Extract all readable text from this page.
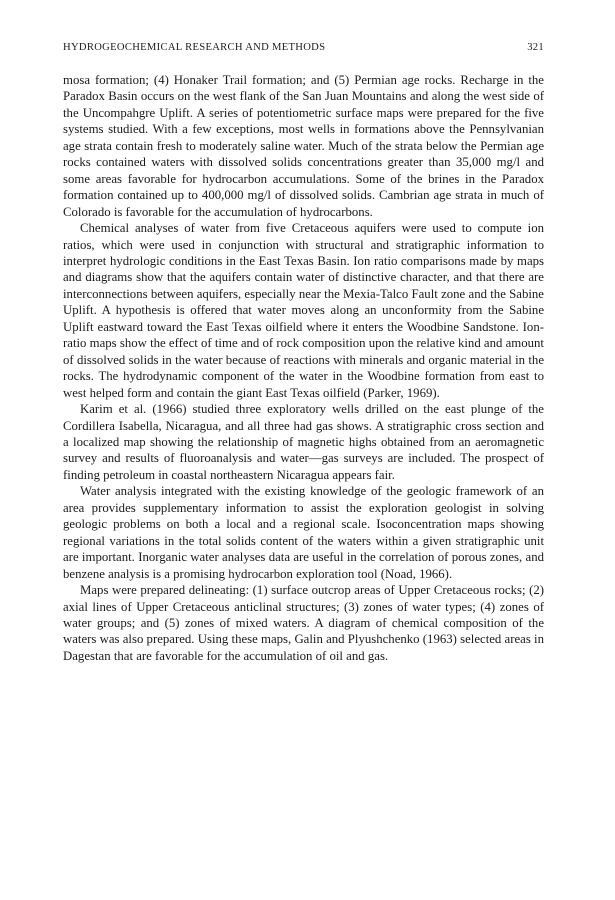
HYDROGEOCHEMICAL RESEARCH AND METHODS	321

mosa formation; (4) Honaker Trail formation; and (5) Permian age rocks. Recharge in the Paradox Basin occurs on the west flank of the San Juan Mountains and along the west side of the Uncompahgre Uplift. A series of potentiometric surface maps were prepared for the five systems studied. With a few exceptions, most wells in formations above the Pennsylvanian age strata contain fresh to moderately saline water. Much of the strata below the Permian age rocks contained waters with dissolved solids concentrations greater than 35,000 mg/l and some areas favorable for hydrocarbon accumulations. Some of the brines in the Paradox formation contained up to 400,000 mg/l of dissolved solids. Cambrian age strata in much of Colorado is favorable for the accumulation of hydrocarbons.

Chemical analyses of water from five Cretaceous aquifers were used to compute ion ratios, which were used in conjunction with structural and stratigraphic information to interpret hydrologic conditions in the East Texas Basin. Ion ratio comparisons made by maps and diagrams show that the aquifers contain water of distinctive character, and that there are interconnections between aquifers, especially near the Mexia-Talco Fault zone and the Sabine Uplift. A hypothesis is offered that water moves along an unconformity from the Sabine Uplift eastward toward the East Texas oilfield where it enters the Woodbine Sandstone. Ion-ratio maps show the effect of time and of rock composition upon the relative kind and amount of dissolved solids in the water because of reactions with minerals and organic material in the rocks. The hydrodynamic component of the water in the Woodbine formation from east to west helped form and contain the giant East Texas oilfield (Parker, 1969).

Karim et al. (1966) studied three exploratory wells drilled on the east plunge of the Cordillera Isabella, Nicaragua, and all three had gas shows. A stratigraphic cross section and a localized map showing the relationship of magnetic highs obtained from an aeromagnetic survey and results of fluoroanalysis and water—gas surveys are included. The prospect of finding petroleum in coastal northeastern Nicaragua appears fair.

Water analysis integrated with the existing knowledge of the geologic framework of an area provides supplementary information to assist the exploration geologist in solving geologic problems on both a local and a regional scale. Isoconcentration maps showing regional variations in the total solids content of the waters within a given stratigraphic unit are important. Inorganic water analyses data are useful in the correlation of porous zones, and benzene analysis is a promising hydrocarbon exploration tool (Noad, 1966).

Maps were prepared delineating: (1) surface outcrop areas of Upper Cretaceous rocks; (2) axial lines of Upper Cretaceous anticlinal structures; (3) zones of water types; (4) zones of water groups; and (5) zones of mixed waters. A diagram of chemical composition of the waters was also prepared. Using these maps, Galin and Plyushchenko (1963) selected areas in Dagestan that are favorable for the accumulation of oil and gas.
